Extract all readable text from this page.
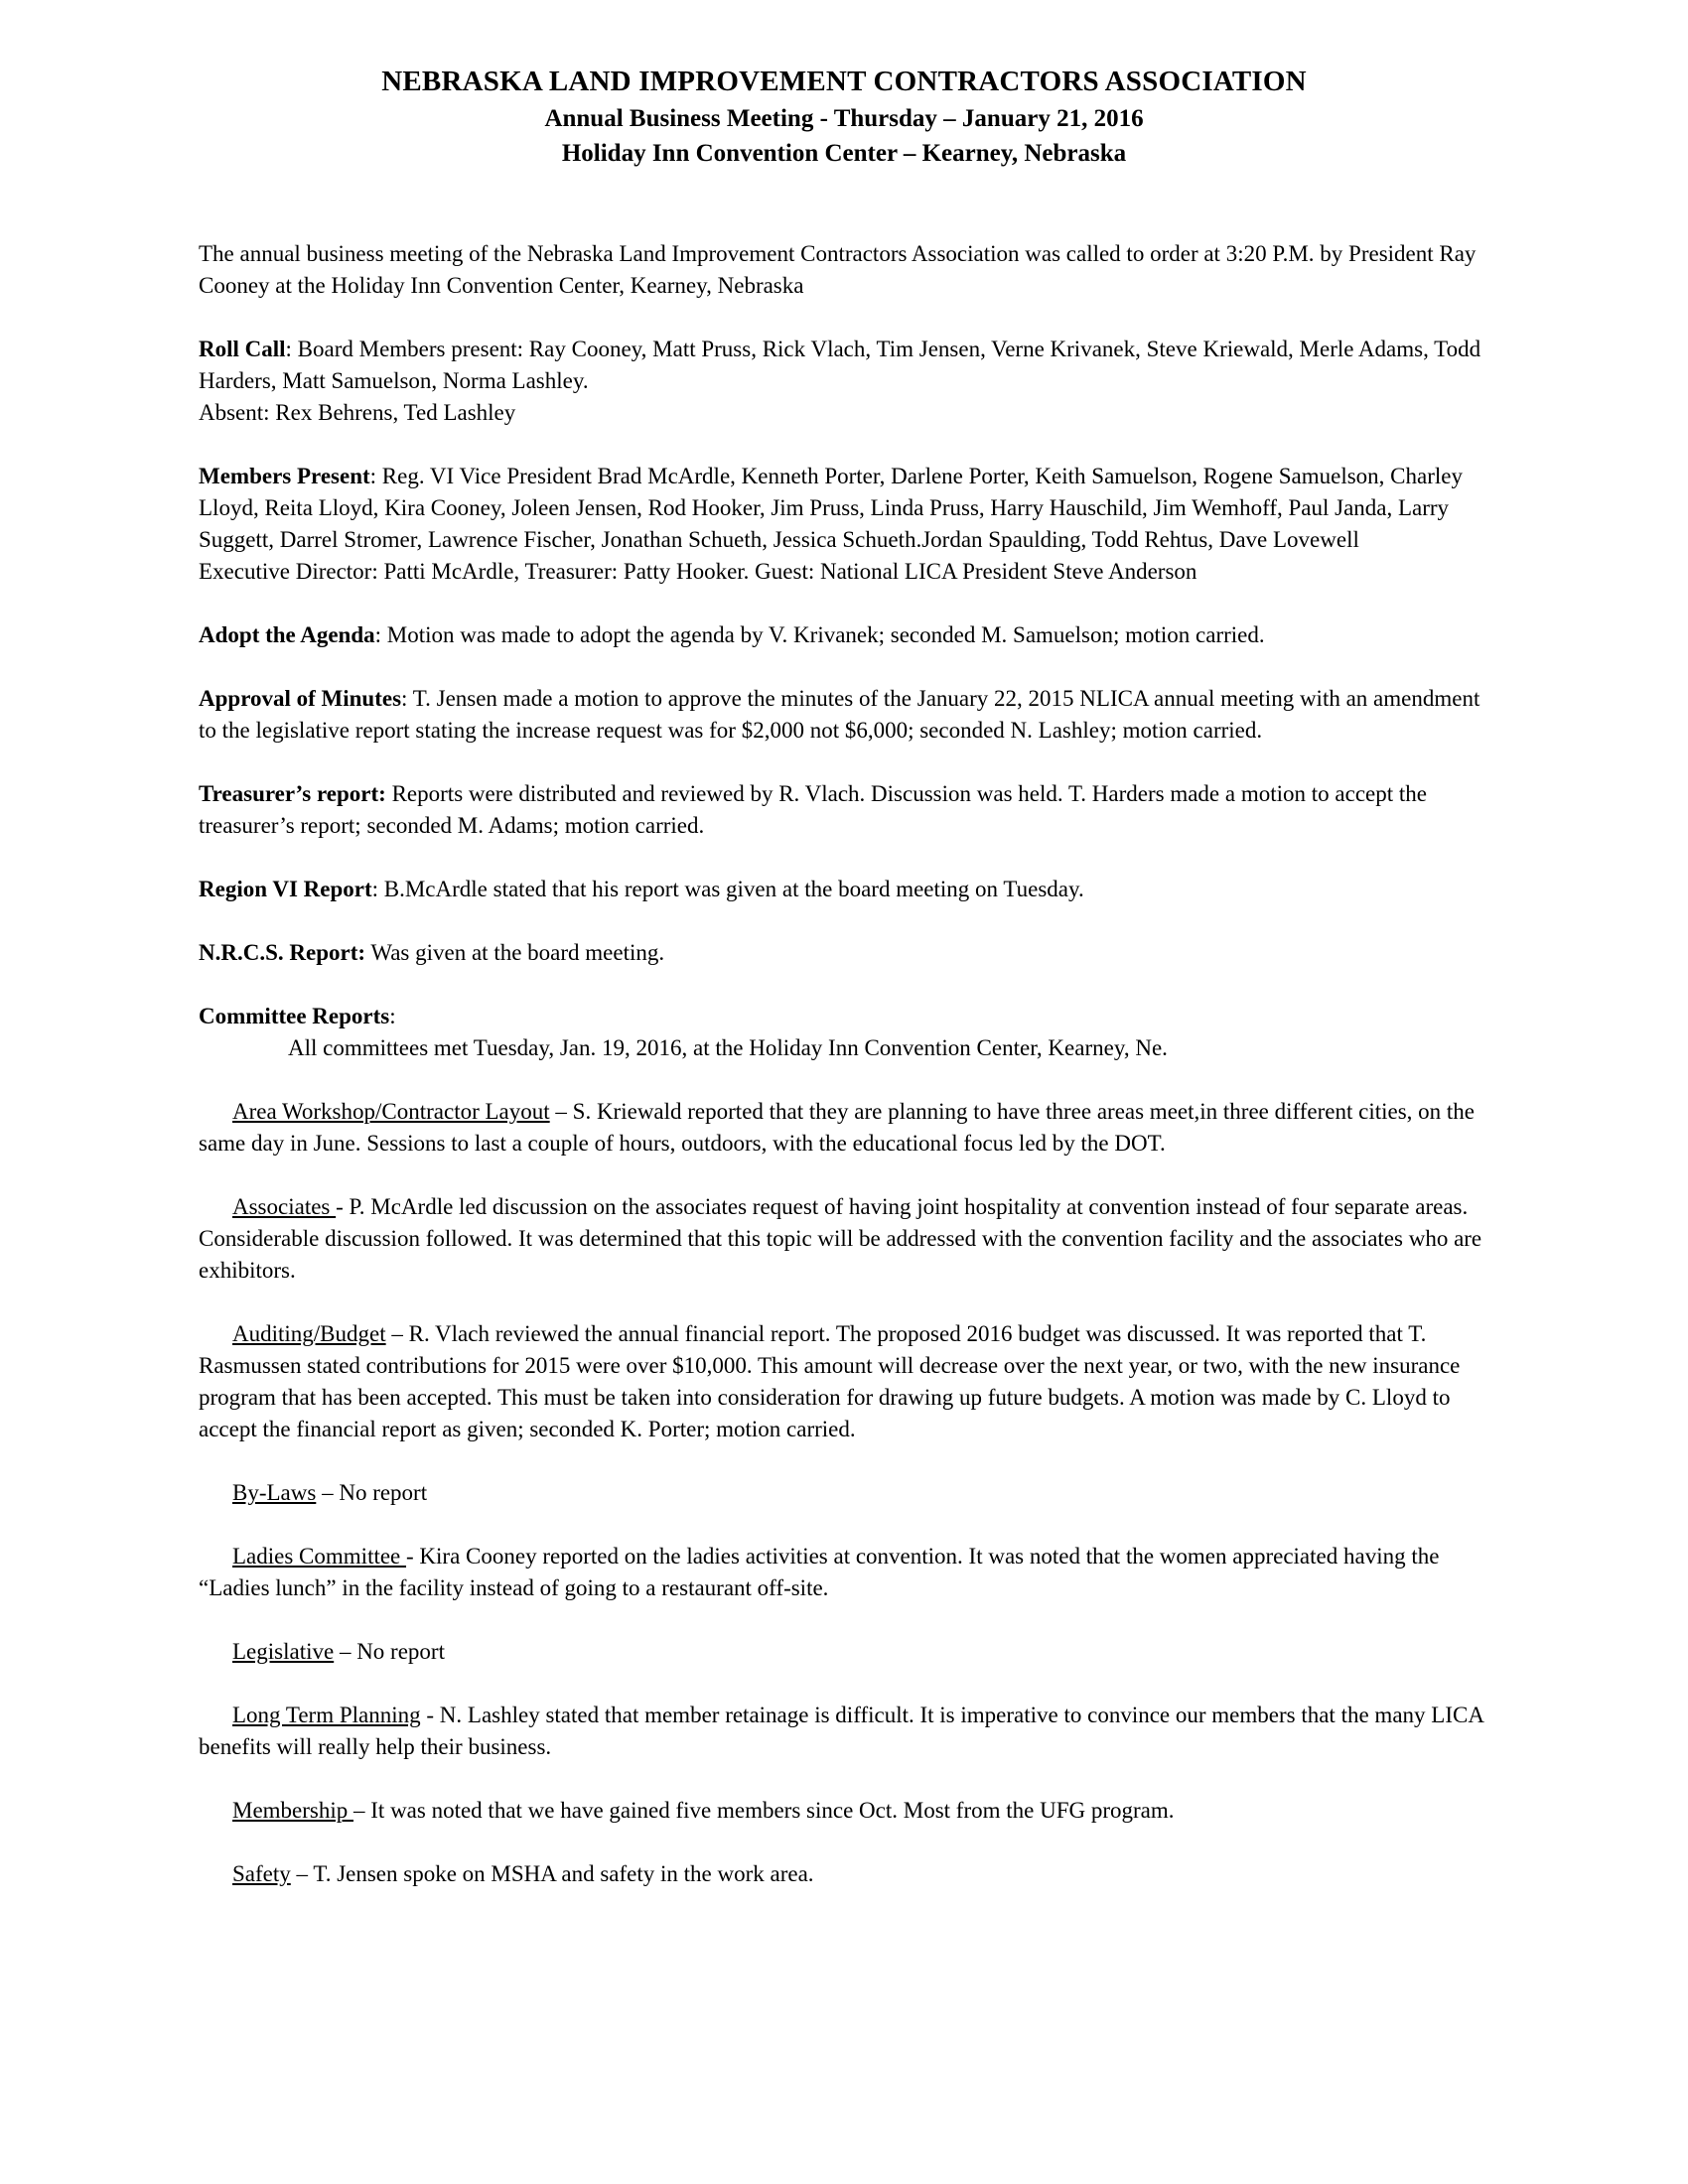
NEBRASKA LAND IMPROVEMENT CONTRACTORS ASSOCIATION
Annual Business Meeting - Thursday – January 21, 2016
Holiday Inn Convention Center – Kearney, Nebraska

The annual business meeting of the Nebraska Land Improvement Contractors Association was called to order at 3:20 P.M. by President Ray Cooney at the Holiday Inn Convention Center, Kearney, Nebraska

Roll Call: Board Members present: Ray Cooney, Matt Pruss, Rick Vlach, Tim Jensen, Verne Krivanek, Steve Kriewald, Merle Adams, Todd Harders, Matt Samuelson, Norma Lashley.
Absent: Rex Behrens, Ted Lashley

Members Present: Reg. VI Vice President Brad McArdle, Kenneth Porter, Darlene Porter, Keith Samuelson, Rogene Samuelson, Charley Lloyd, Reita Lloyd, Kira Cooney, Joleen Jensen, Rod Hooker, Jim Pruss, Linda Pruss, Harry Hauschild, Jim Wemhoff, Paul Janda, Larry Suggett, Darrel Stromer, Lawrence Fischer, Jonathan Schueth, Jessica Schueth.Jordan Spaulding, Todd Rehtus, Dave Lovewell
Executive Director: Patti McArdle, Treasurer: Patty Hooker. Guest: National LICA President Steve Anderson

Adopt the Agenda: Motion was made to adopt the agenda by V. Krivanek; seconded M. Samuelson; motion carried.

Approval of Minutes: T. Jensen made a motion to approve the minutes of the January 22, 2015 NLICA annual meeting with an amendment to the legislative report stating the increase request was for $2,000 not $6,000; seconded N. Lashley; motion carried.

Treasurer’s report: Reports were distributed and reviewed by R. Vlach. Discussion was held. T. Harders made a motion to accept the treasurer’s report; seconded M. Adams; motion carried.

Region VI Report: B.McArdle stated that his report was given at the board meeting on Tuesday.

N.R.C.S. Report: Was given at the board meeting.

Committee Reports:

All committees met Tuesday, Jan. 19, 2016, at the Holiday Inn Convention Center, Kearney, Ne.

Area Workshop/Contractor Layout – S. Kriewald reported that they are planning to have three areas meet,in three different cities, on the same day in June. Sessions to last a couple of hours, outdoors, with the educational focus led by the DOT.

Associates - P. McArdle led discussion on the associates request of having joint hospitality at convention instead of four separate areas. Considerable discussion followed. It was determined that this topic will be addressed with the convention facility and the associates who are exhibitors.

Auditing/Budget – R. Vlach reviewed the annual financial report. The proposed 2016 budget was discussed. It was reported that T. Rasmussen stated contributions for 2015 were over $10,000. This amount will decrease over the next year, or two, with the new insurance program that has been accepted. This must be taken into consideration for drawing up future budgets. A motion was made by C. Lloyd to accept the financial report as given; seconded K. Porter; motion carried.

By-Laws – No report

Ladies Committee - Kira Cooney reported on the ladies activities at convention. It was noted that the women appreciated having the “Ladies lunch” in the facility instead of going to a restaurant off-site.

Legislative – No report

Long Term Planning - N. Lashley stated that member retainage is difficult. It is imperative to convince our members that the many LICA benefits will really help their business.

Membership – It was noted that we have gained five members since Oct. Most from the UFG program.

Safety – T. Jensen spoke on MSHA and safety in the work area.
